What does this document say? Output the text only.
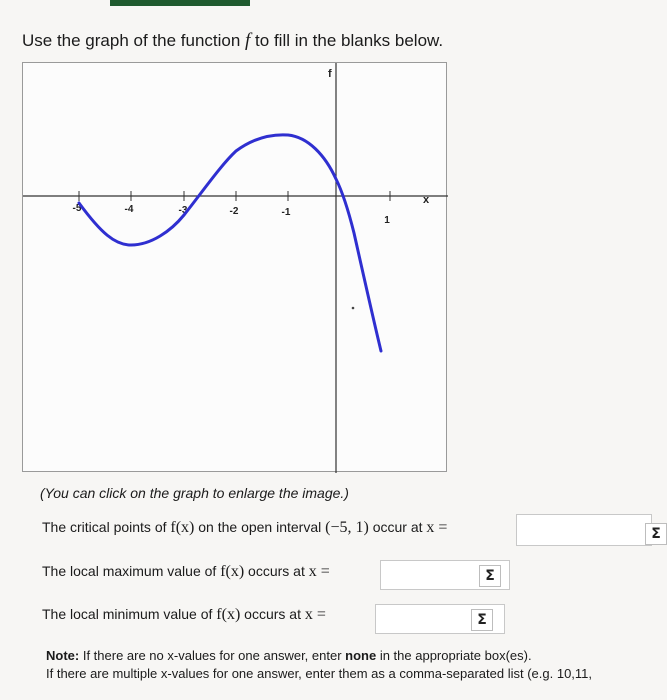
Use the graph of the function f to fill in the blanks below.
-5	-4	-3	-2	-1
1
x
f
(You can click on the graph to enlarge the image.)
The critical points of f(x) on the open interval (−5, 1) occur at x =	Σ
The local maximum value of f(x) occurs at x =	Σ
The local minimum value of f(x) occurs at x =	Σ
Note: If there are no x-values for one answer, enter none in the appropriate box(es).
If there are multiple x-values for one answer, enter them as a comma-separated list (e.g. 10,11,
